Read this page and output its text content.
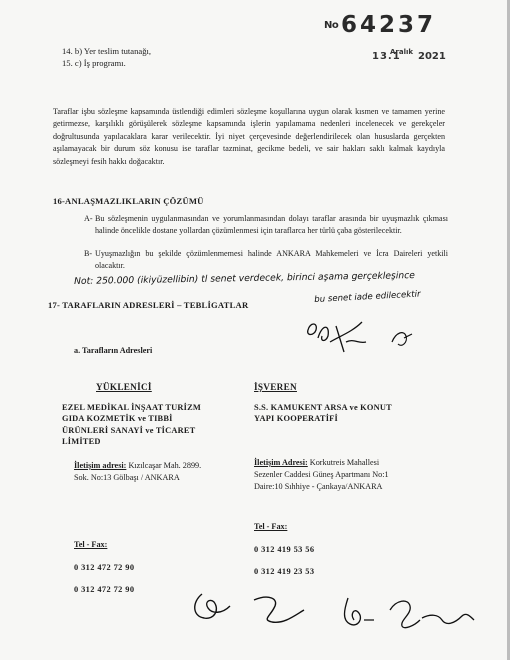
No 64237
13.1
Aralık 2021
14. b) Yer teslim tutanağı,
15. c) İş programı.
Taraflar işbu sözleşme kapsamında üstlendiği edimleri sözleşme koşullarına uygun olarak kısmen ve tamamen yerine getirmezse, karşılıklı görüşülerek sözleşme kapsamında işlerin yapılamama nedenleri incelenecek ve gerekçeler doğrultusunda yapılacaklara karar verilecektir. İyi niyet çerçevesinde değerlendirilecek olan hususlarda gerçekten aşılamayacak bir durum söz konusu ise taraflar tazminat, gecikme bedeli, ve sair hakları saklı kalmak kaydıyla sözleşmeyi fesih hakkı doğacaktır.
16-ANLAŞMAZLIKLARIN ÇÖZÜMÜ
A- Bu sözleşmenin uygulanmasından ve yorumlanmasından dolayı taraflar arasında bir uyuşmazlık çıkması halinde öncelikle dostane yollardan çözümlenmesi için taraflarca her türlü çaba gösterilecektir.
B- Uyuşmazlığın bu şekilde çözümlenmemesi halinde ANKARA Mahkemeleri ve İcra Daireleri yetkili olacaktır.
Not: 250.000 (ikiyüzellibin) tl senet verdecek, birinci aşama gerçekleşince
bu senet iade edilecektir
17- TARAFLARIN ADRESLERİ – TEBLİGATLAR
a. Tarafların Adresleri
YÜKLENİCİ
EZEL MEDİKAL İNŞAAT TURİZM
GIDA KOZMETİK ve TIBBİ
ÜRÜNLERİ SANAYİ ve TİCARET
LİMİTED
İletişim adresi: Kızılcaşar Mah. 2899.
Sok. No:13 Gölbaşı / ANKARA
Tel - Fax:
0 312 472 72 90
0 312 472 72 90
İŞVEREN
S.S. KAMUKENT ARSA ve KONUT
YAPI KOOPERATİFİ
İletişim Adresi: Korkutreis Mahallesi
Sezenler Caddesi Güneş Apartmanı No:1
Daire:10 Sıhhiye - Çankaya/ANKARA
Tel - Fax:
0 312 419 53 56
0 312 419 23 53
